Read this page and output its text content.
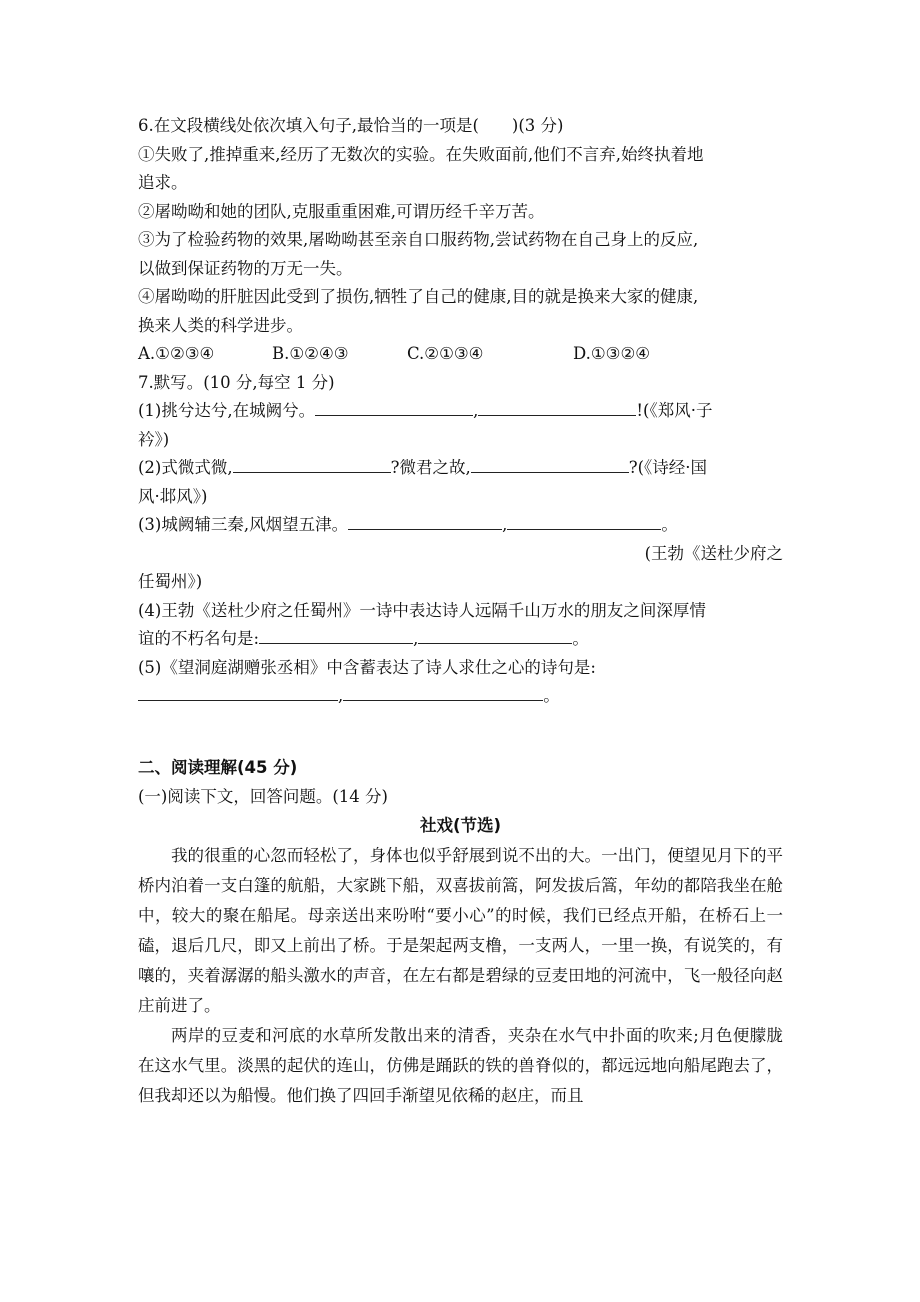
6.在文段横线处依次填入句子,最恰当的一项是(　　)(3 分)
①失败了,推掉重来,经历了无数次的实验。在失败面前,他们不言弃,始终执着地
追求。
②屠呦呦和她的团队,克服重重困难,可谓历经千辛万苦。
③为了检验药物的效果,屠呦呦甚至亲自口服药物,尝试药物在自己身上的反应,
以做到保证药物的万无一失。
④屠呦呦的肝脏因此受到了损伤,牺牲了自己的健康,目的就是换来大家的健康,
换来人类的科学进步。
A.①②③④	B.①②④③	C.②①③④	D.①③②④
7.默写。(10 分,每空 1 分)
(1)挑兮达兮,在城阙兮。	,	!(《郑风·子
衿》)
(2)式微式微,	?微君之故,	?(《诗经·国
风·邶风》)
(3)城阙辅三秦,风烟望五津。	,	。
(王勃《送杜少府之
任蜀州》)
(4)王勃《送杜少府之任蜀州》一诗中表达诗人远隔千山万水的朋友之间深厚情
谊的不朽名句是:	,	。
(5)《望洞庭湖赠张丞相》中含蓄表达了诗人求仕之心的诗句是:
,	。
二、阅读理解(45 分)
(一)阅读下文，回答问题。(14 分)
社戏(节选)

我的很重的心忽而轻松了，身体也似乎舒展到说不出的大。一出门，便望见月下的平桥内泊着一支白篷的航船，大家跳下船，双喜拔前篙，阿发拔后篙，年幼的都陪我坐在舱中，较大的聚在船尾。母亲送出来吩咐“要小心”的时候，我们已经点开船，在桥石上一磕，退后几尺，即又上前出了桥。于是架起两支橹，一支两人，一里一换，有说笑的，有嚷的，夹着潺潺的船头激水的声音，在左右都是碧绿的豆麦田地的河流中，飞一般径向赵庄前进了。

两岸的豆麦和河底的水草所发散出来的清香，夹杂在水气中扑面的吹来;月色便朦胧在这水气里。淡黑的起伏的连山，仿佛是踊跃的铁的兽脊似的，都远远地向船尾跑去了，但我却还以为船慢。他们换了四回手渐望见依稀的赵庄，而且
